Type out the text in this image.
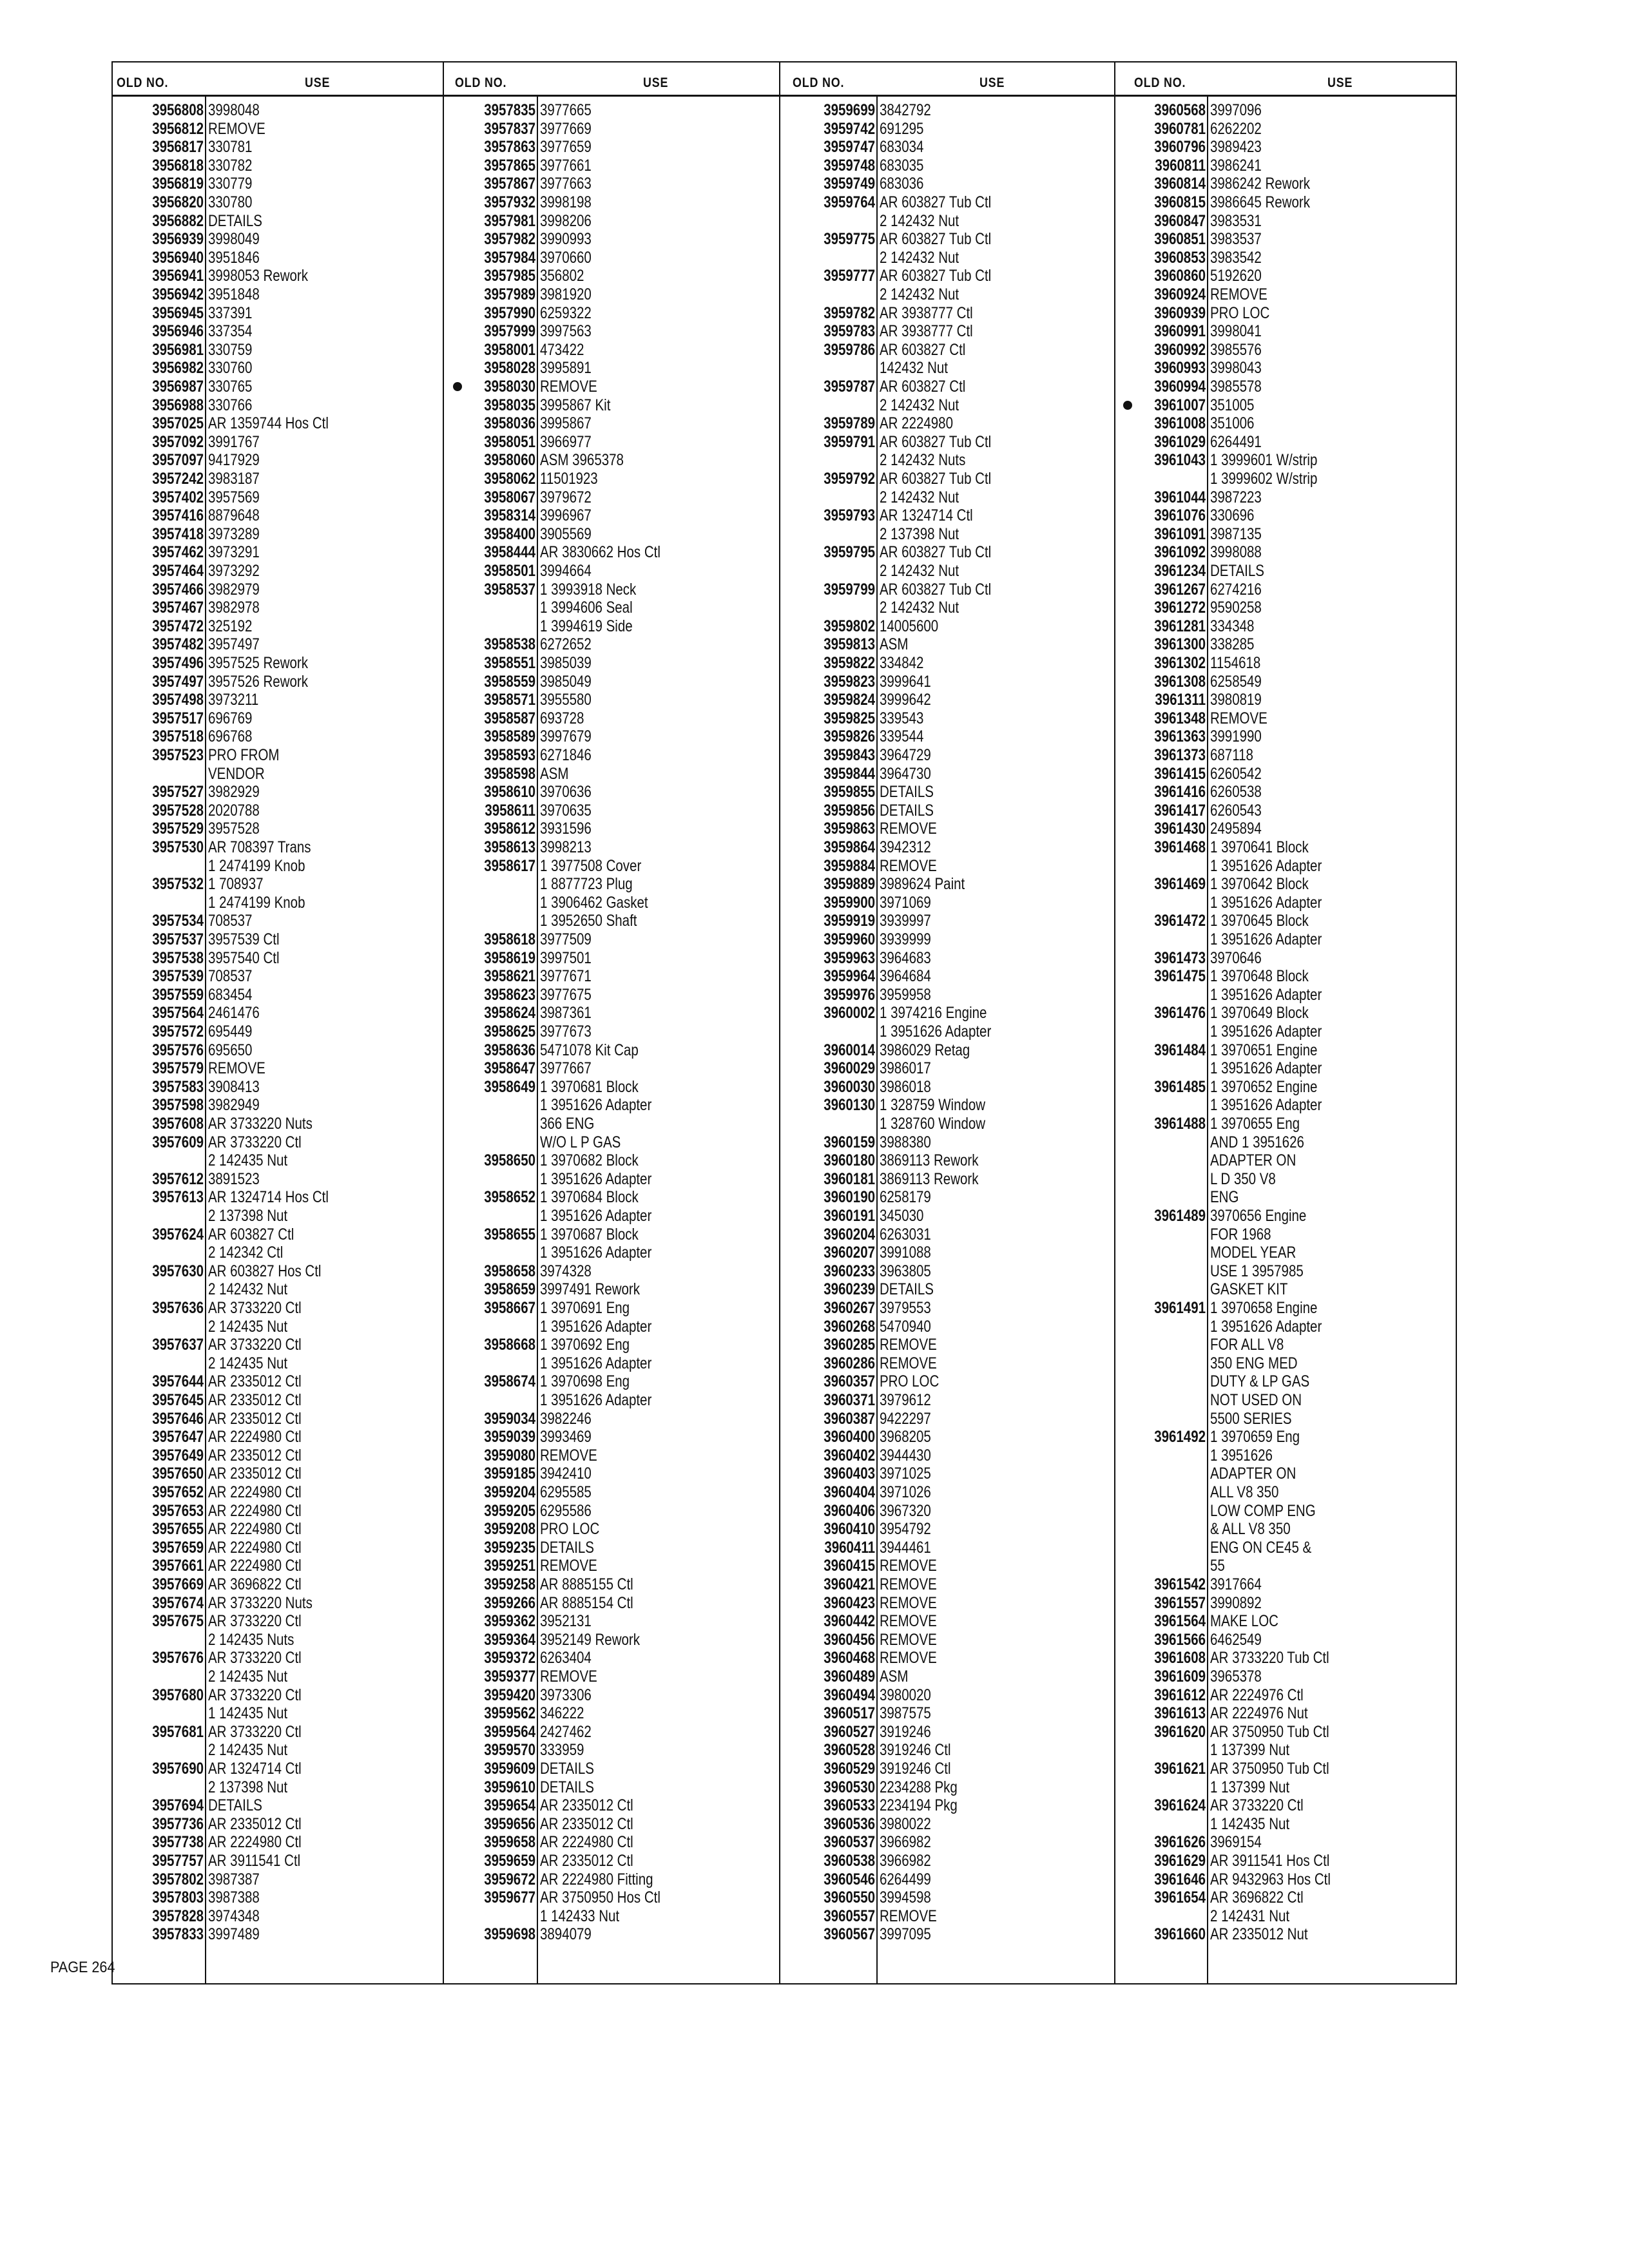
OLD NO.	USE
3956808 3998048
3956812 REMOVE
3956817 330781
3956818 330782
3956819 330779
3956820 330780
3956882 DETAILS
3956939 3998049
3956940 3951846
3956941 3998053 Rework
3956942 3951848
3956945 337391
3956946 337354
3956981 330759
3956982 330760
3956987 330765
3956988 330766
3957025 AR 1359744 Hos Ctl
3957092 3991767
3957097 9417929
3957242 3983187
3957402 3957569
3957416 8879648
3957418 3973289
3957462 3973291
3957464 3973292
3957466 3982979
3957467 3982978
3957472 325192
3957482 3957497
3957496 3957525 Rework
3957497 3957526 Rework
3957498 3973211
3957517 696769
3957518 696768
3957523 PRO FROM
VENDOR
3957527 3982929
3957528 2020788
3957529 3957528
3957530 AR 708397 Trans
1 2474199 Knob
3957532 1 708937
1 2474199 Knob
3957534 708537
3957537 3957539 Ctl
3957538 3957540 Ctl
3957539 708537
3957559 683454
3957564 2461476
3957572 695449
3957576 695650
3957579 REMOVE
3957583 3908413
3957598 3982949
3957608 AR 3733220 Nuts
3957609 AR 3733220 Ctl
2 142435 Nut
3957612 3891523
3957613 AR 1324714 Hos Ctl
2 137398 Nut
3957624 AR 603827 Ctl
2 142342 Ctl
3957630 AR 603827 Hos Ctl
2 142432 Nut
3957636 AR 3733220 Ctl
2 142435 Nut
3957637 AR 3733220 Ctl
2 142435 Nut
3957644 AR 2335012 Ctl
3957645 AR 2335012 Ctl
3957646 AR 2335012 Ctl
3957647 AR 2224980 Ctl
3957649 AR 2335012 Ctl
3957650 AR 2335012 Ctl
3957652 AR 2224980 Ctl
3957653 AR 2224980 Ctl
3957655 AR 2224980 Ctl
3957659 AR 2224980 Ctl
3957661 AR 2224980 Ctl
3957669 AR 3696822 Ctl
3957674 AR 3733220 Nuts
3957675 AR 3733220 Ctl
2 142435 Nuts
3957676 AR 3733220 Ctl
2 142435 Nut
3957680 AR 3733220 Ctl
1 142435 Nut
3957681 AR 3733220 Ctl
2 142435 Nut
3957690 AR 1324714 Ctl
2 137398 Nut
3957694 DETAILS
3957736 AR 2335012 Ctl
3957738 AR 2224980 Ctl
3957757 AR 3911541 Ctl
3957802 3987387
3957803 3987388
3957828 3974348
3957833 3997489
OLD NO.	USE
3957835 3977665
3957837 3977669
3957863 3977659
3957865 3977661
3957867 3977663
3957932 3998198
3957981 3998206
3957982 3990993
3957984 3970660
3957985 356802
3957989 3981920
3957990 6259322
3957999 3997563
3958001 473422
3958028 3995891
3958030 REMOVE
3958035 3995867 Kit
3958036 3995867
3958051 3966977
3958060 ASM 3965378
3958062 11501923
3958067 3979672
3958314 3996967
3958400 3905569
3958444 AR 3830662 Hos Ctl
3958501 3994664
3958537 1 3993918 Neck
1 3994606 Seal
1 3994619 Side
3958538 6272652
3958551 3985039
3958559 3985049
3958571 3955580
3958587 693728
3958589 3997679
3958593 6271846
3958598 ASM
3958610 3970636
3958611 3970635
3958612 3931596
3958613 3998213
3958617 1 3977508 Cover
1 8877723 Plug
1 3906462 Gasket
1 3952650 Shaft
3958618 3977509
3958619 3997501
3958621 3977671
3958623 3977675
3958624 3987361
3958625 3977673
3958636 5471078 Kit Cap
3958647 3977667
3958649 1 3970681 Block
1 3951626 Adapter
366 ENG
W/O L P GAS
3958650 1 3970682 Block
1 3951626 Adapter
3958652 1 3970684 Block
1 3951626 Adapter
3958655 1 3970687 Block
1 3951626 Adapter
3958658 3974328
3958659 3997491 Rework
3958667 1 3970691 Eng
1 3951626 Adapter
3958668 1 3970692 Eng
1 3951626 Adapter
3958674 1 3970698 Eng
1 3951626 Adapter
3959034 3982246
3959039 3993469
3959080 REMOVE
3959185 3942410
3959204 6295585
3959205 6295586
3959208 PRO LOC
3959235 DETAILS
3959251 REMOVE
3959258 AR 8885155 Ctl
3959266 AR 8885154 Ctl
3959362 3952131
3959364 3952149 Rework
3959372 6263404
3959377 REMOVE
3959420 3973306
3959562 346222
3959564 2427462
3959570 333959
3959609 DETAILS
3959610 DETAILS
3959654 AR 2335012 Ctl
3959656 AR 2335012 Ctl
3959658 AR 2224980 Ctl
3959659 AR 2335012 Ctl
3959672 AR 2224980 Fitting
3959677 AR 3750950 Hos Ctl
1 142433 Nut
3959698 3894079
OLD NO.	USE
3959699 3842792
3959742 691295
3959747 683034
3959748 683035
3959749 683036
3959764 AR 603827 Tub Ctl
2 142432 Nut
3959775 AR 603827 Tub Ctl
2 142432 Nut
3959777 AR 603827 Tub Ctl
2 142432 Nut
3959782 AR 3938777 Ctl
3959783 AR 3938777 Ctl
3959786 AR 603827 Ctl
142432 Nut
3959787 AR 603827 Ctl
2 142432 Nut
3959789 AR 2224980
3959791 AR 603827 Tub Ctl
2 142432 Nuts
3959792 AR 603827 Tub Ctl
2 142432 Nut
3959793 AR 1324714 Ctl
2 137398 Nut
3959795 AR 603827 Tub Ctl
2 142432 Nut
3959799 AR 603827 Tub Ctl
2 142432 Nut
3959802 14005600
3959813 ASM
3959822 334842
3959823 3999641
3959824 3999642
3959825 339543
3959826 339544
3959843 3964729
3959844 3964730
3959855 DETAILS
3959856 DETAILS
3959863 REMOVE
3959864 3942312
3959884 REMOVE
3959889 3989624 Paint
3959900 3971069
3959919 3939997
3959960 3939999
3959963 3964683
3959964 3964684
3959976 3959958
3960002 1 3974216 Engine
1 3951626 Adapter
3960014 3986029 Retag
3960029 3986017
3960030 3986018
3960130 1 328759 Window
1 328760 Window
3960159 3988380
3960180 3869113 Rework
3960181 3869113 Rework
3960190 6258179
3960191 345030
3960204 6263031
3960207 3991088
3960233 3963805
3960239 DETAILS
3960267 3979553
3960268 5470940
3960285 REMOVE
3960286 REMOVE
3960357 PRO LOC
3960371 3979612
3960387 9422297
3960400 3968205
3960402 3944430
3960403 3971025
3960404 3971026
3960406 3967320
3960410 3954792
3960411 3944461
3960415 REMOVE
3960421 REMOVE
3960423 REMOVE
3960442 REMOVE
3960456 REMOVE
3960468 REMOVE
3960489 ASM
3960494 3980020
3960517 3987575
3960527 3919246
3960528 3919246 Ctl
3960529 3919246 Ctl
3960530 2234288 Pkg
3960533 2234194 Pkg
3960536 3980022
3960537 3966982
3960538 3966982
3960546 6264499
3960550 3994598
3960557 REMOVE
3960567 3997095
OLD NO.	USE
3960568 3997096
3960781 6262202
3960796 3989423
3960811 3986241
3960814 3986242 Rework
3960815 3986645 Rework
3960847 3983531
3960851 3983537
3960853 3983542
3960860 5192620
3960924 REMOVE
3960939 PRO LOC
3960991 3998041
3960992 3985576
3960993 3998043
3960994 3985578
3961007 351005
3961008 351006
3961029 6264491
3961043 1 3999601 W/strip
1 3999602 W/strip
3961044 3987223
3961076 330696
3961091 3987135
3961092 3998088
3961234 DETAILS
3961267 6274216
3961272 9590258
3961281 334348
3961300 338285
3961302 1154618
3961308 6258549
3961311 3980819
3961348 REMOVE
3961363 3991990
3961373 687118
3961415 6260542
3961416 6260538
3961417 6260543
3961430 2495894
3961468 1 3970641 Block
1 3951626 Adapter
3961469 1 3970642 Block
1 3951626 Adapter
3961472 1 3970645 Block
1 3951626 Adapter
3961473 3970646
3961475 1 3970648 Block
1 3951626 Adapter
3961476 1 3970649 Block
1 3951626 Adapter
3961484 1 3970651 Engine
1 3951626 Adapter
3961485 1 3970652 Engine
1 3951626 Adapter
3961488 1 3970655 Eng
AND 1 3951626
ADAPTER ON
L D 350 V8
ENG
3961489 3970656 Engine
FOR 1968
MODEL YEAR
USE 1 3957985
GASKET KIT
3961491 1 3970658 Engine
1 3951626 Adapter
FOR ALL V8
350 ENG MED
DUTY & LP GAS
NOT USED ON
5500 SERIES
3961492 1 3970659 Eng
1 3951626
ADAPTER ON
ALL V8 350
LOW COMP ENG
& ALL V8 350
ENG ON CE45 &
55
3961542 3917664
3961557 3990892
3961564 MAKE LOC
3961566 6462549
3961608 AR 3733220 Tub Ctl
3961609 3965378
3961612 AR 2224976 Ctl
3961613 AR 2224976 Nut
3961620 AR 3750950 Tub Ctl
1 137399 Nut
3961621 AR 3750950 Tub Ctl
1 137399 Nut
3961624 AR 3733220 Ctl
1 142435 Nut
3961626 3969154
3961629 AR 3911541 Hos Ctl
3961646 AR 9432963 Hos Ctl
3961654 AR 3696822 Ctl
2 142431 Nut
3961660 AR 2335012 Nut
PAGE 264
